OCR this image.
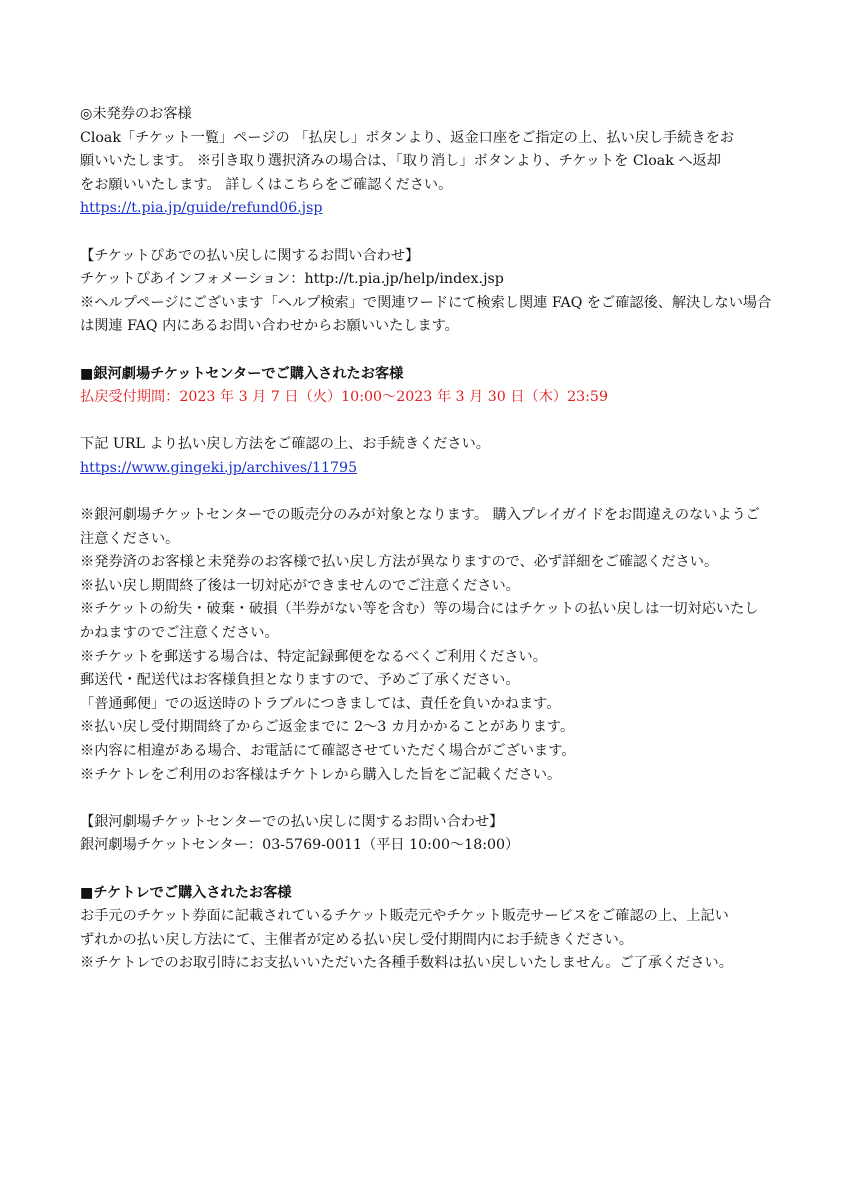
◎未発券のお客様
Cloak「チケット一覧」ページの 「払戻し」ボタンより、返金口座をご指定の上、払い戻し手続きをお
願いいたします。 ※引き取り選択済みの場合は、「取り消し」ボタンより、チケットを Cloak へ返却
をお願いいたします。 詳しくはこちらをご確認ください。
https://t.pia.jp/guide/refund06.jsp
【チケットぴあでの払い戻しに関するお問い合わせ】
チケットぴあインフォメーション：http://t.pia.jp/help/index.jsp
※ヘルプページにございます「ヘルプ検索」で関連ワードにて検索し関連 FAQ をご確認後、解決しない場合
は関連 FAQ 内にあるお問い合わせからお願いいたします。
■銀河劇場チケットセンターでご購入されたお客様
払戻受付期間：2023 年 3 月 7 日（火）10:00～2023 年 3 月 30 日（木）23:59
下記 URL より払い戻し方法をご確認の上、お手続きください。
https://www.gingeki.jp/archives/11795
※銀河劇場チケットセンターでの販売分のみが対象となります。 購入プレイガイドをお間違えのないようご
注意ください。
※発券済のお客様と未発券のお客様で払い戻し方法が異なりますので、必ず詳細をご確認ください。
※払い戻し期間終了後は一切対応ができませんのでご注意ください。
※チケットの紛失・破棄・破損（半券がない等を含む）等の場合にはチケットの払い戻しは一切対応いたし
かねますのでご注意ください。
※チケットを郵送する場合は、特定記録郵便をなるべくご利用ください。
郵送代・配送代はお客様負担となりますので、予めご了承ください。
「普通郵便」での返送時のトラブルにつきましては、責任を負いかねます。
※払い戻し受付期間終了からご返金までに 2～3 カ月かかることがあります。
※内容に相違がある場合、お電話にて確認させていただく場合がございます。
※チケトレをご利用のお客様はチケトレから購入した旨をご記載ください。
【銀河劇場チケットセンターでの払い戻しに関するお問い合わせ】
銀河劇場チケットセンター：03-5769-0011（平日 10:00～18:00）
■チケトレでご購入されたお客様
お手元のチケット券面に記載されているチケット販売元やチケット販売サービスをご確認の上、上記い
ずれかの払い戻し方法にて、主催者が定める払い戻し受付期間内にお手続きください。
※チケトレでのお取引時にお支払いいただいた各種手数料は払い戻しいたしません。ご了承ください。
